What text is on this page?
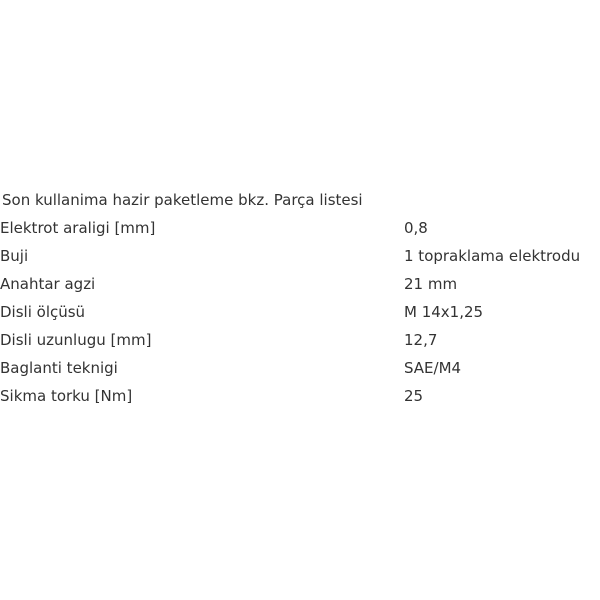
Son kullanima hazir paketleme bkz. Parça listesi
Elektrot araligi [mm]	0,8
Buji	1 topraklama elektrodu
Anahtar agzi	21 mm
Disli ölçüsü	M 14x1,25
Disli uzunlugu [mm]	12,7
Baglanti teknigi	SAE/M4
Sikma torku [Nm]	25
